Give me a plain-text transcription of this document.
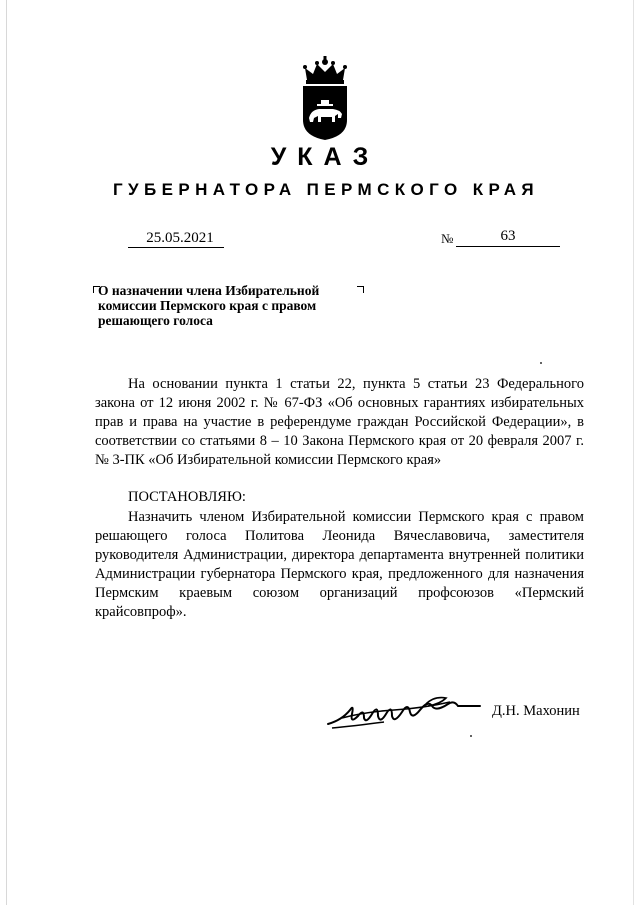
УКАЗ
ГУБЕРНАТОРА ПЕРМСКОГО КРАЯ
25.05.2021	№	63
О назначении члена Избирательной комиссии Пермского края с правом решающего голоса

На основании пункта 1 статьи 22, пункта 5 статьи 23 Федерального закона от 12 июня 2002 г. № 67-ФЗ «Об основных гарантиях избирательных прав и права на участие в референдуме граждан Российской Федерации», в соответствии со статьями 8 – 10 Закона Пермского края от 20 февраля 2007 г. № 3-ПК «Об Избирательной комиссии Пермского края»

ПОСТАНОВЛЯЮ:

Назначить членом Избирательной комиссии Пермского края с правом решающего голоса Политова Леонида Вячеславовича, заместителя руководителя Администрации, директора департамента внутренней политики Администрации губернатора Пермского края, предложенного для назначения Пермским краевым союзом организаций профсоюзов «Пермский крайсовпроф».

Д.Н. Махонин
